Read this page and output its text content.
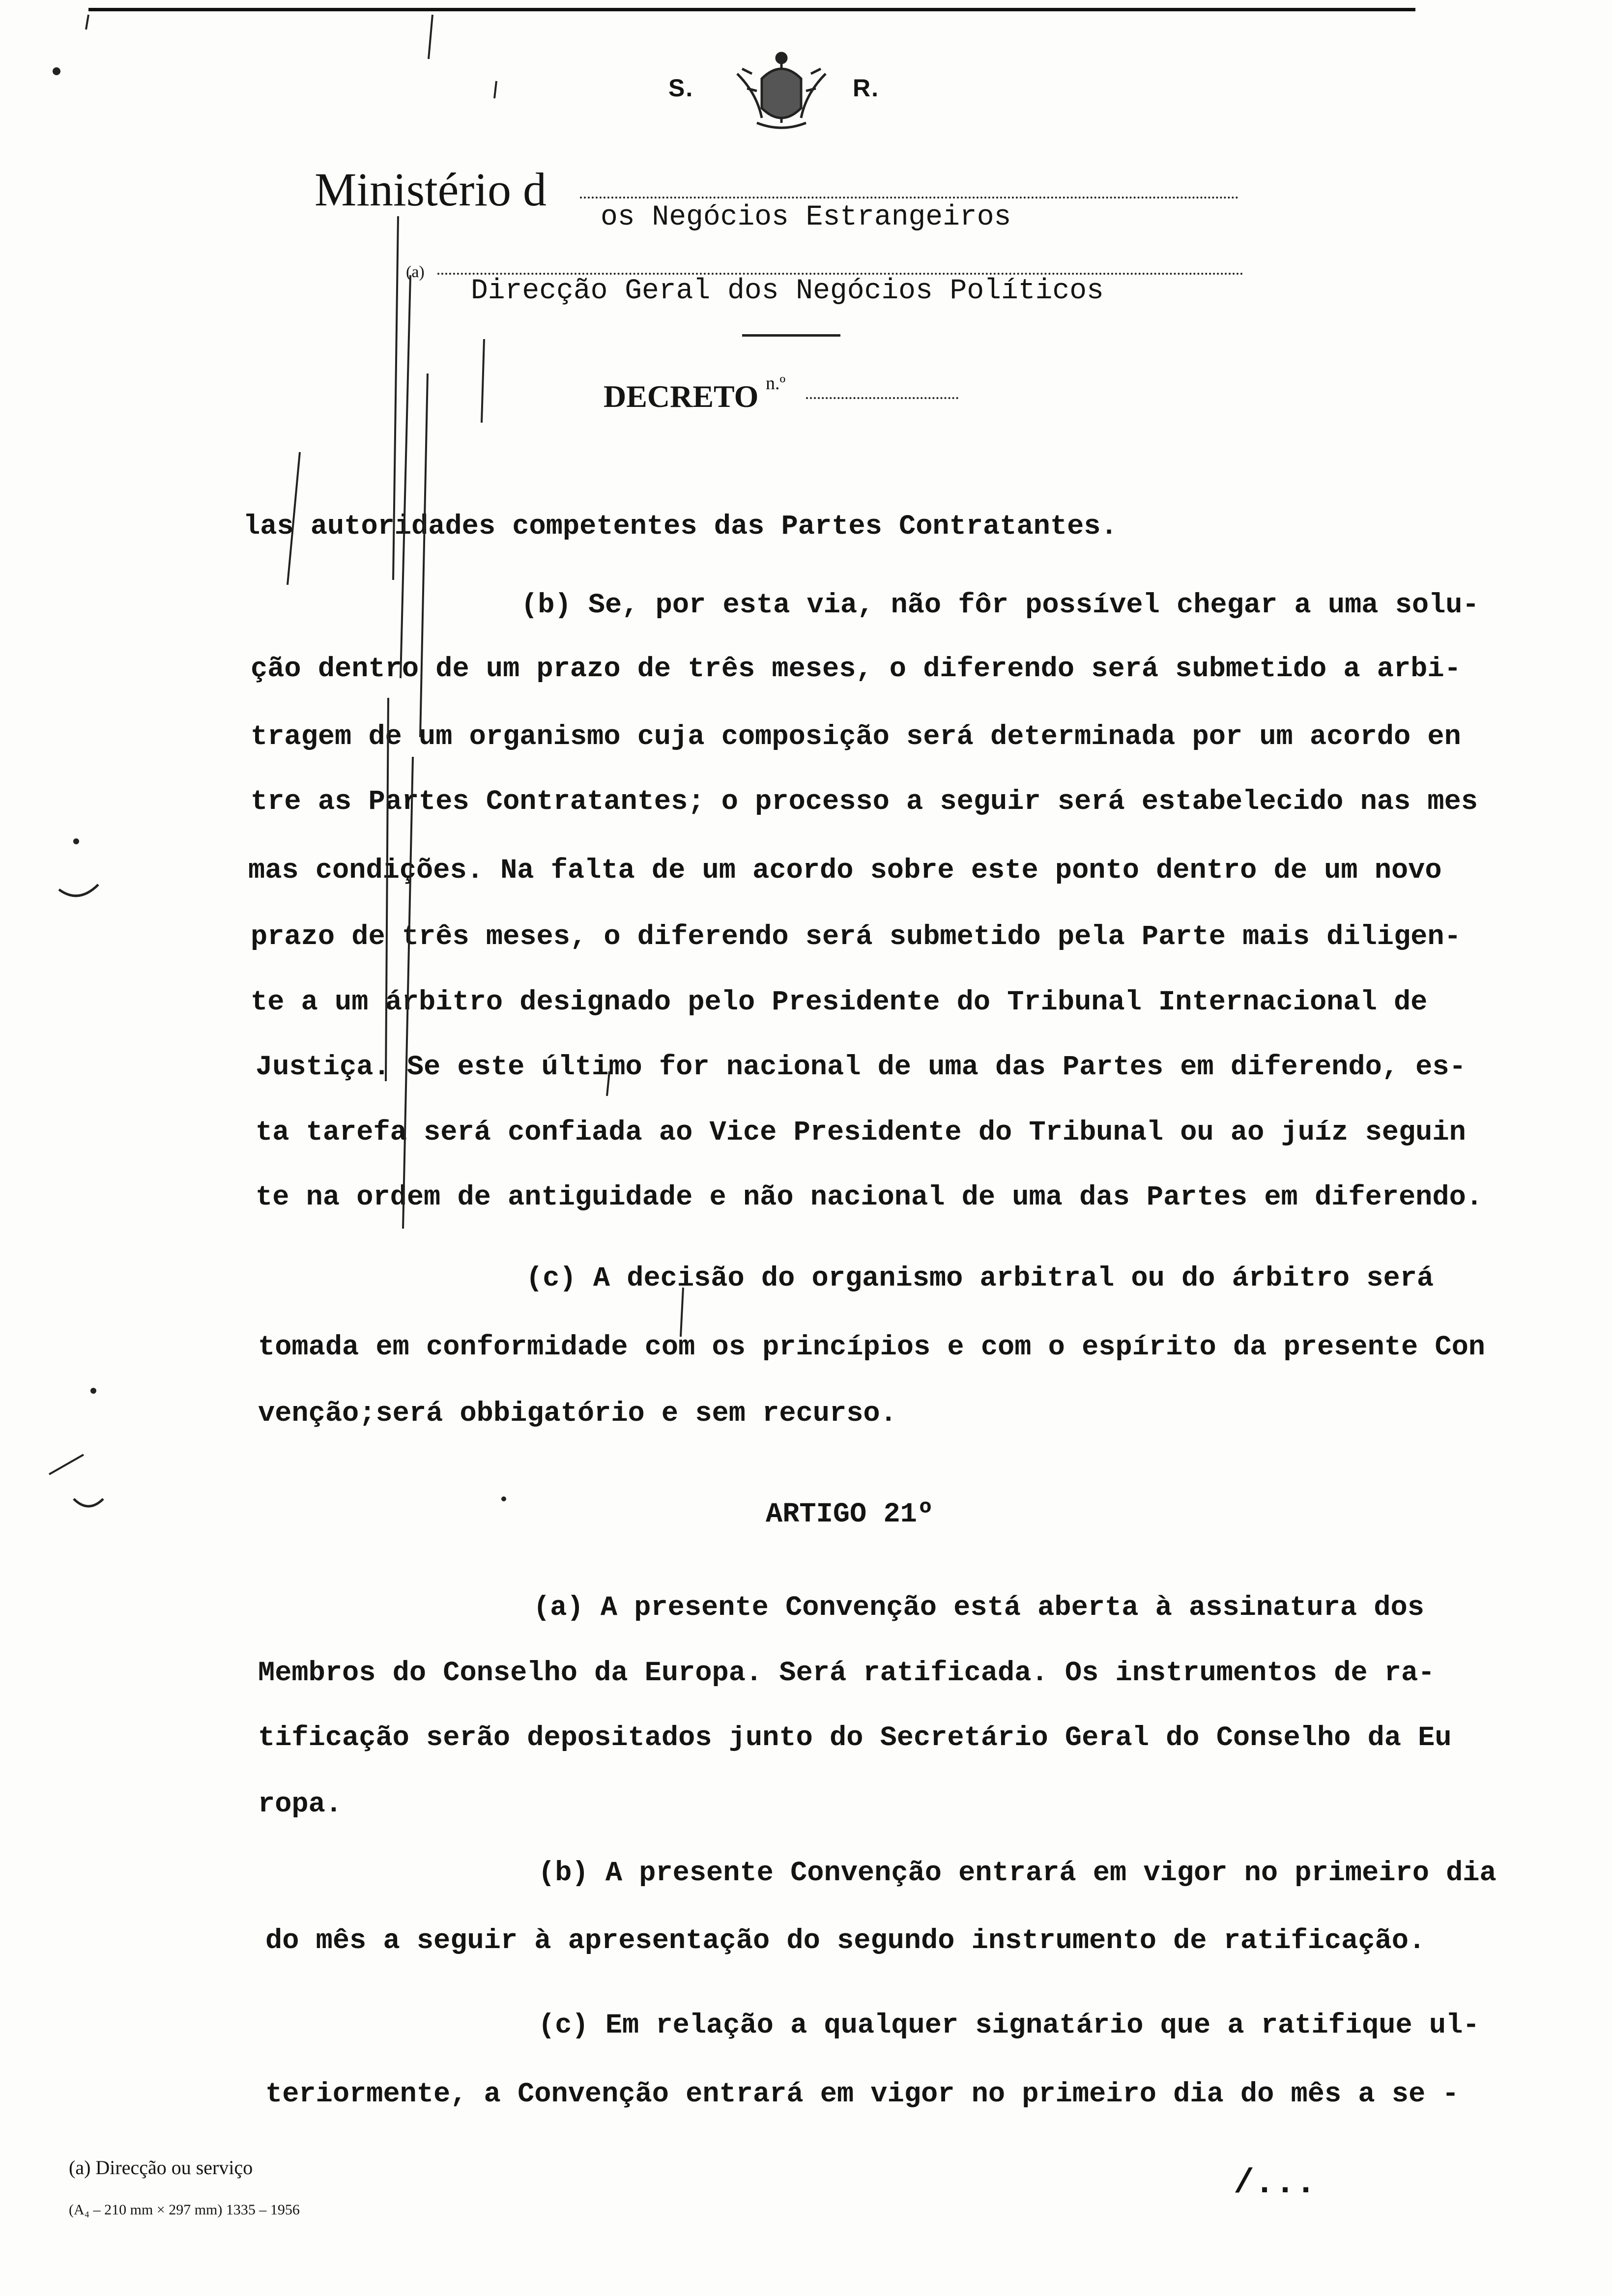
S.	R.
Ministério d
os Negócios Estrangeiros
(a)
Direcção Geral dos Negócios Políticos
DECRETO n.º
las autoridades competentes das Partes Contratantes.
(b) Se, por esta via, não fôr possível chegar a uma solu-
ção dentro de um prazo de três meses, o diferendo será submetido a arbi-
tragem de um organismo cuja composição será determinada por um acordo en
tre as Partes Contratantes; o processo a seguir será estabelecido nas mes
mas condições. Na falta de um acordo sobre este ponto dentro de um novo
prazo de três meses, o diferendo será submetido pela Parte mais diligen-
te a um árbitro designado pelo Presidente do Tribunal Internacional de
Justiça. Se este último for nacional de uma das Partes em diferendo, es-
ta tarefa será confiada ao Vice Presidente do Tribunal ou ao juíz seguin
te na ordem de antiguidade e não nacional de uma das Partes em diferendo.
(c) A decisão do organismo arbitral ou do árbitro será
tomada em conformidade com os princípios e com o espírito da presente Con
venção;será obbigatório e sem recurso.
ARTIGO 21º
(a) A presente Convenção está aberta à assinatura dos
Membros do Conselho da Europa. Será ratificada. Os instrumentos de ra-
tificação serão depositados junto do Secretário Geral do Conselho da Eu
ropa.
(b) A presente Convenção entrará em vigor no primeiro dia
do mês a seguir à apresentação do segundo instrumento de ratificação.
(c) Em relação a qualquer signatário que a ratifique ul-
teriormente, a Convenção entrará em vigor no primeiro dia do mês a se -
(a) Direcção ou serviço
(A₄ – 210 mm × 297 mm) 1335 – 1956
/...
